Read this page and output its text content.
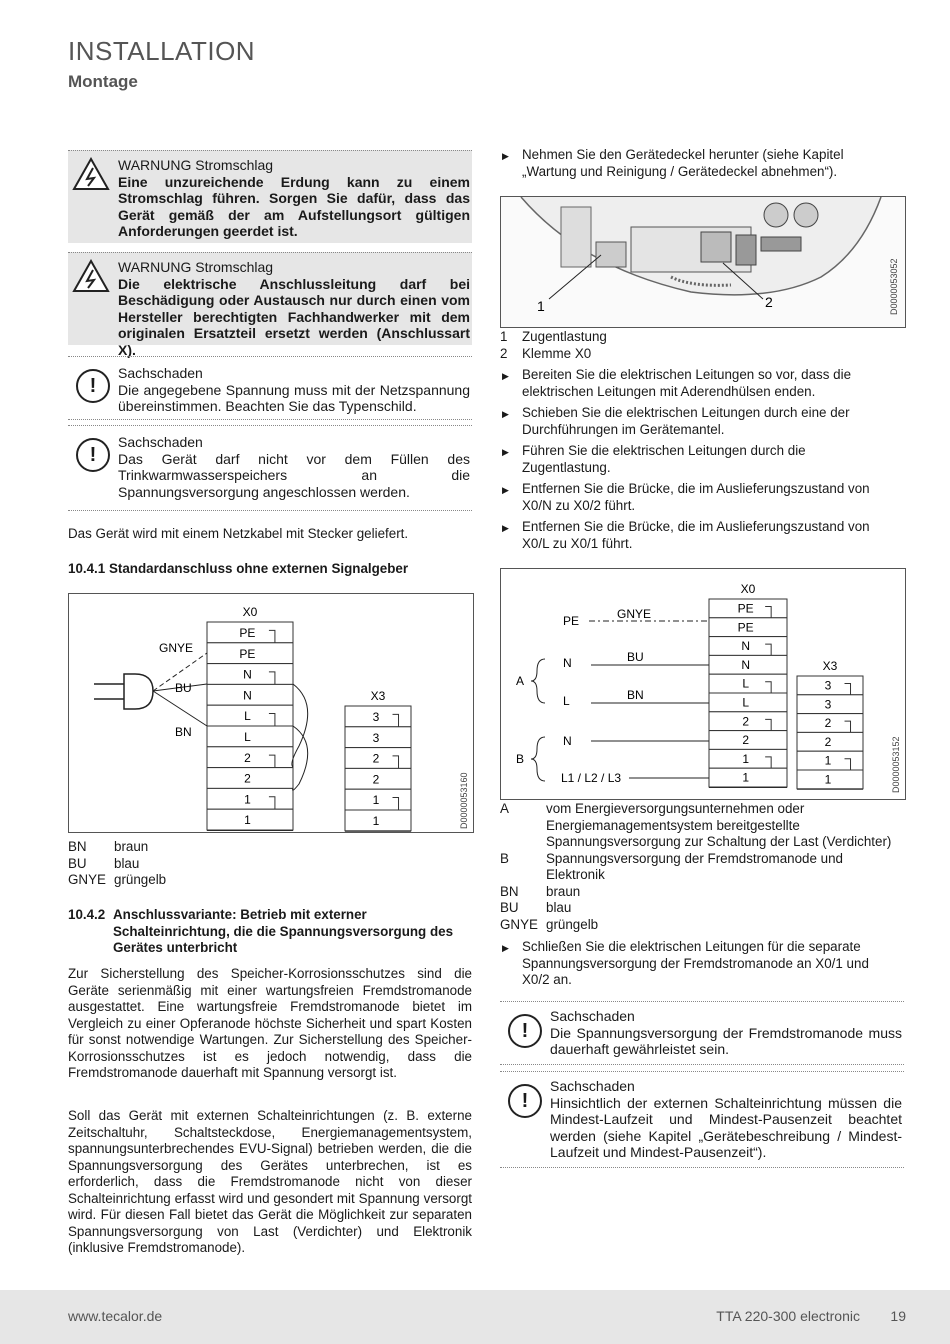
INSTALLATION
Montage
WARNUNG Stromschlag
Eine unzureichende Erdung kann zu einem Stromschlag führen. Sorgen Sie dafür, dass das Gerät gemäß der am Aufstellungsort gültigen Anforderungen geerdet ist.
WARNUNG Stromschlag
Die elektrische Anschlussleitung darf bei Beschädigung oder Austausch nur durch einen vom Hersteller berechtigten Fachhandwerker mit dem originalen Ersatzteil ersetzt werden (Anschlussart X).
!
Sachschaden
Die angegebene Spannung muss mit der Netzspannung übereinstimmen. Beachten Sie das Typenschild.
!
Sachschaden
Das Gerät darf nicht vor dem Füllen des Trinkwarmwasserspeichers an die Spannungsversorgung angeschlossen werden.
Das Gerät wird mit einem Netzkabel mit Stecker geliefert.
10.4.1 Standardanschluss ohne externen Signalgeber
X0
PE
PE
N
N
L
L
2
2
1
1
X3
3
3
2
2
1
1
GNYE
BU
BN
D0000053160
BN braun
BU blau
GNYE grüngelb
10.4.2 Anschlussvariante: Betrieb mit externer Schalteinrichtung, die die Spannungsversorgung des Gerätes unterbricht
Zur Sicherstellung des Speicher-Korrosionsschutzes sind die Geräte serienmäßig mit einer wartungsfreien Fremdstromanode ausgestattet. Eine wartungsfreie Fremdstromanode bietet im Vergleich zu einer Opferanode höchste Sicherheit und spart Kosten für sonst notwendige Wartungen. Zur Sicherstellung des Speicher-Korrosionsschutzes ist es jedoch notwendig, dass die Fremdstromanode dauerhaft mit Spannung versorgt ist.
Soll das Gerät mit externen Schalteinrichtungen (z. B. externe Zeitschaltuhr, Schaltsteckdose, Energiemanagementsystem, spannungsunterbrechendes EVU-Signal) betrieben werden, die die Spannungsversorgung des Gerätes unterbrechen, ist es erforderlich, dass die Fremdstromanode nicht von dieser Schalteinrichtung erfasst wird und gesondert mit Spannung versorgt wird. Für diesen Fall bietet das Gerät die Möglichkeit zur separaten Spannungsversorgung von Last (Verdichter) und Elektronik (inklusive Fremdstromanode).
▶ Nehmen Sie den Gerätedeckel herunter (siehe Kapitel „Wartung und Reinigung / Gerätedeckel abnehmen“).
1	2	D0000053052
1 Zugentlastung
2 Klemme X0
▶ Bereiten Sie die elektrischen Leitungen so vor, dass die elektrischen Leitungen mit Aderendhülsen enden.
▶ Schieben Sie die elektrischen Leitungen durch eine der Durchführungen im Gerätemantel.
▶ Führen Sie die elektrischen Leitungen durch die Zugentlastung.
▶ Entfernen Sie die Brücke, die im Auslieferungszustand von X0/N zu X0/2 führt.
▶ Entfernen Sie die Brücke, die im Auslieferungszustand von X0/L zu X0/1 führt.
X0
PE
PE
N
N
L
L
2
2
1
1
X3
3
3
2
2
1
1
PE	GNYE
A
N	BU
L	BN
B
N
L1 / L2 / L3	D0000053152
A	vom Energieversorgungsunternehmen oder Energiemanagementsystem bereitgestellte Spannungsversorgung zur Schaltung der Last (Verdichter)
B	Spannungsversorgung der Fremdstromanode und Elektronik
BN	braun
BU	blau
GNYE grüngelb
▶ Schließen Sie die elektrischen Leitungen für die separate Spannungsversorgung der Fremdstromanode an X0/1 und X0/2 an.
!
Sachschaden
Die Spannungsversorgung der Fremdstromanode muss dauerhaft gewährleistet sein.
!
Sachschaden
Hinsichtlich der externen Schalteinrichtung müssen die Mindest-Laufzeit und Mindest-Pausenzeit beachtet werden (siehe Kapitel „Gerätebeschreibung / Mindest-Laufzeit und Mindest-Pausenzeit“).
www.tecalor.de	TTA 220-300 electronic 19
